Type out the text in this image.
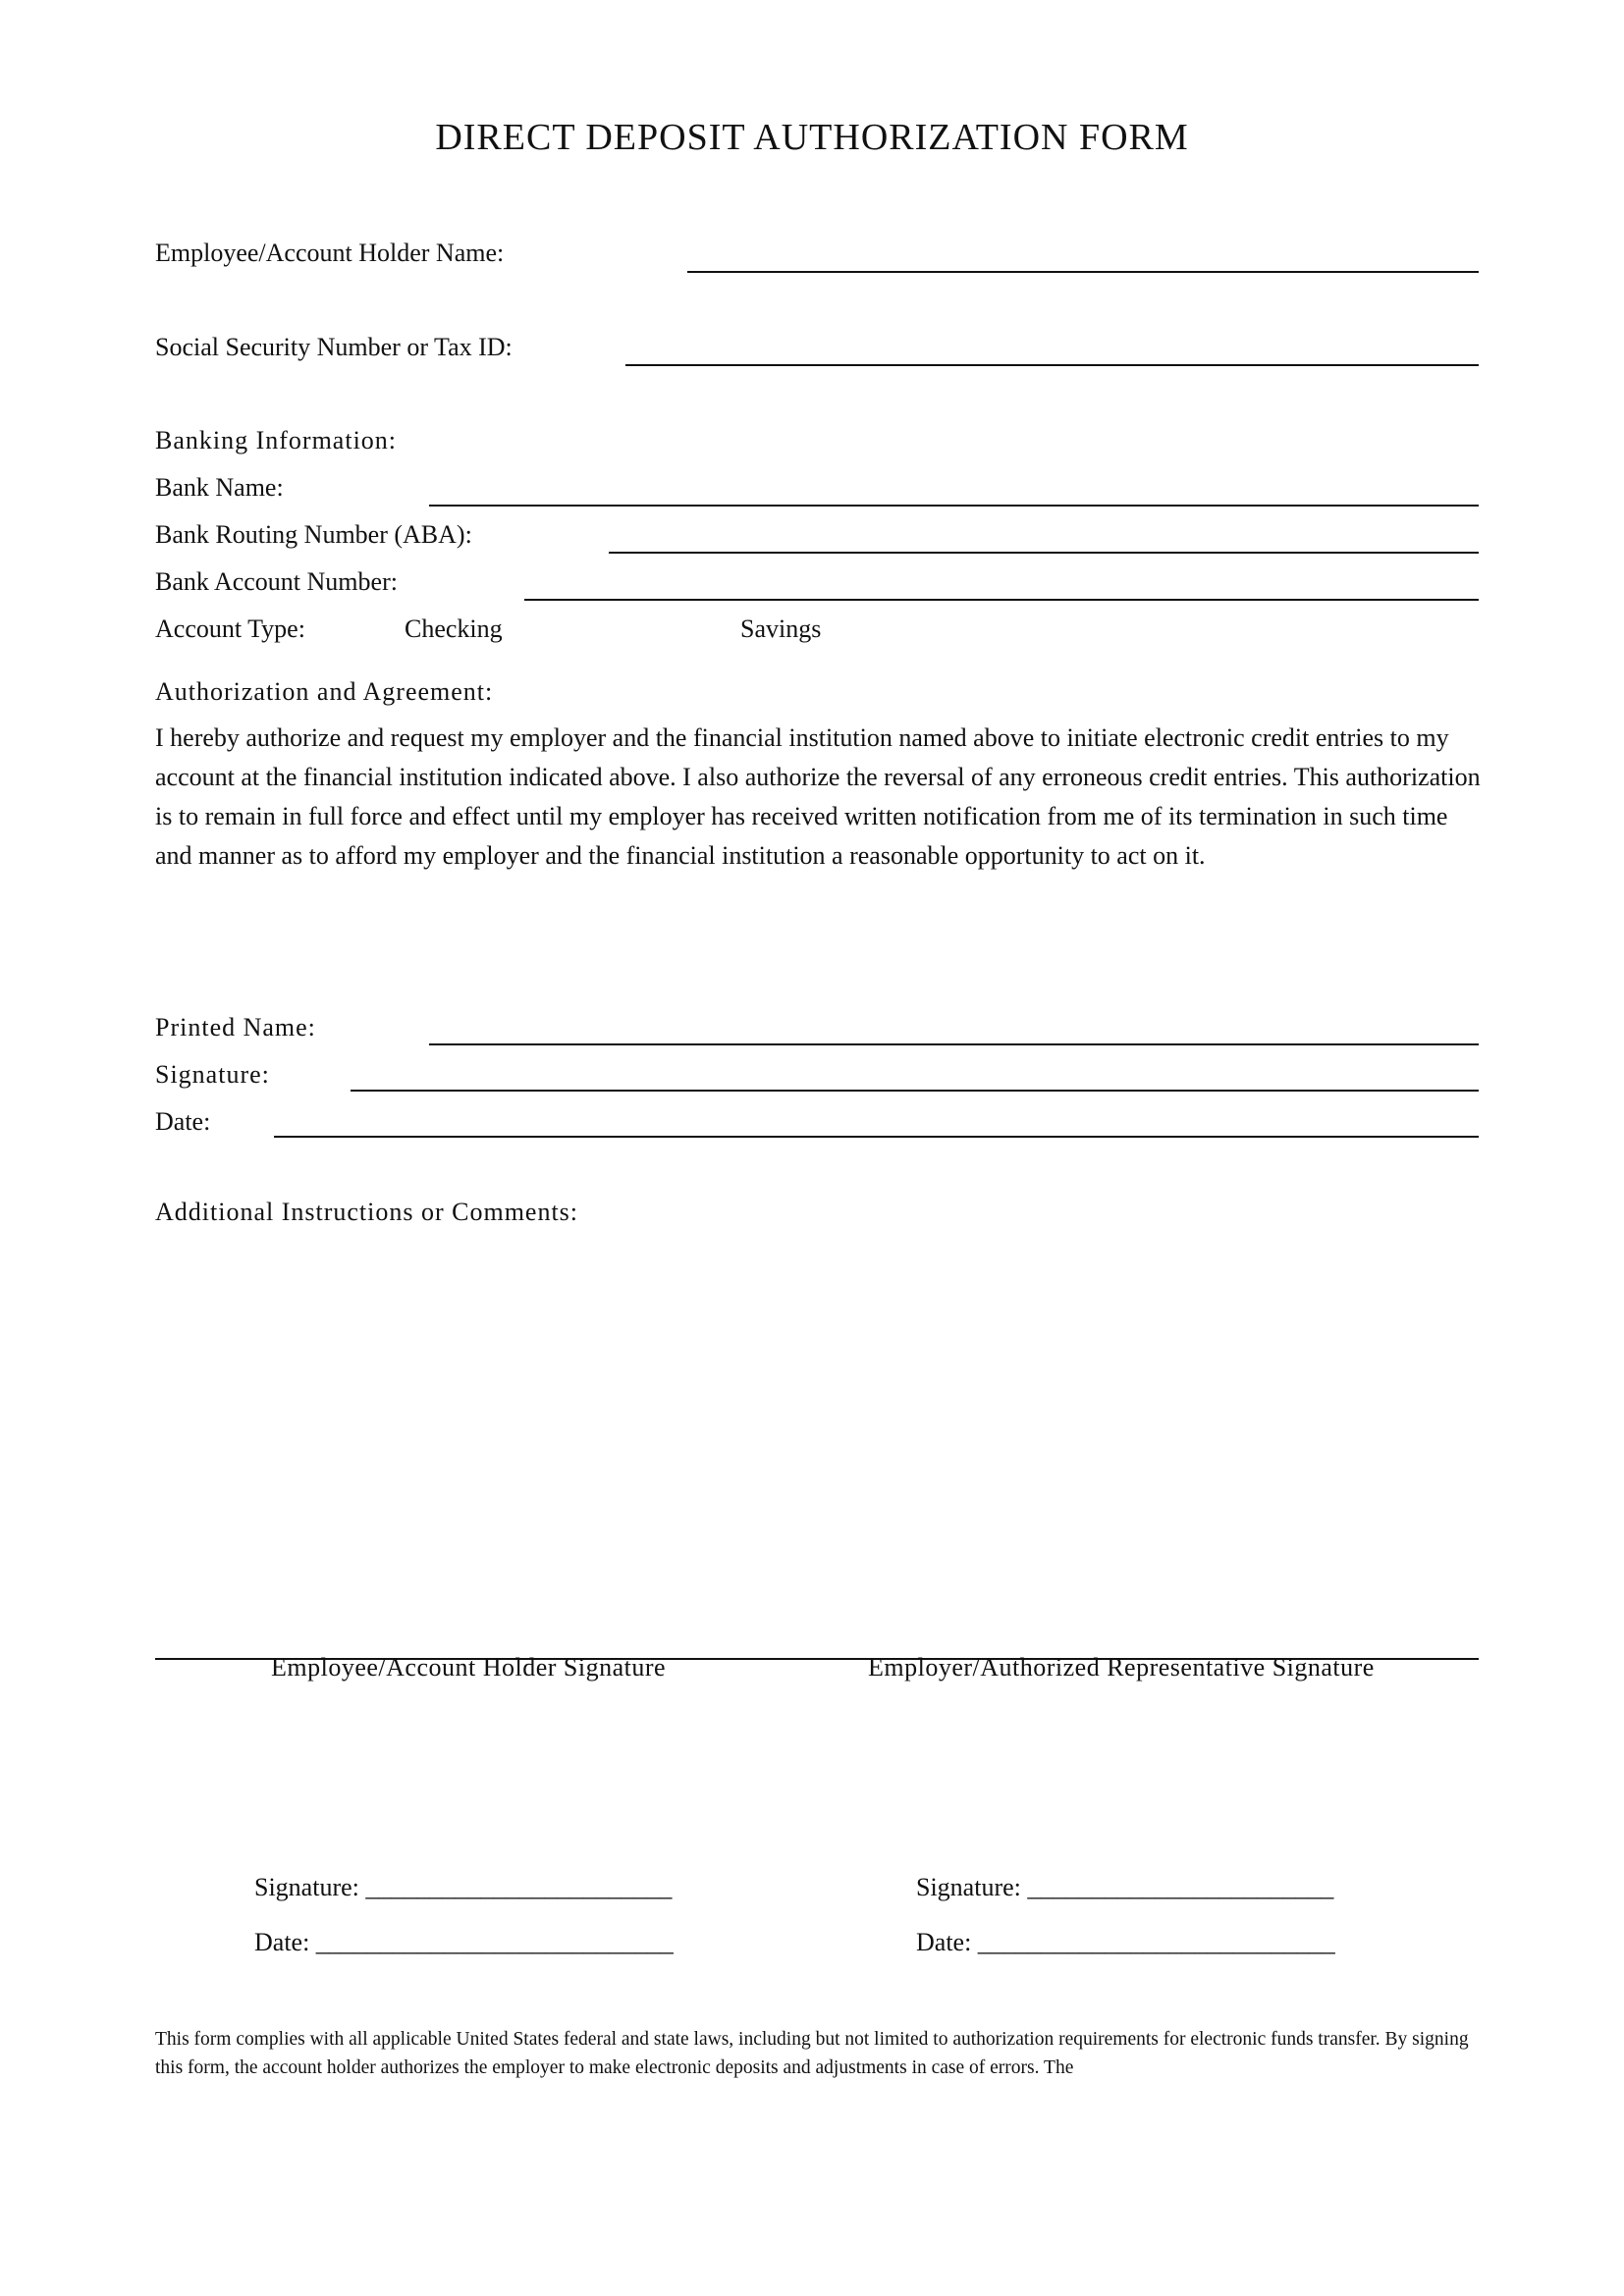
DIRECT DEPOSIT AUTHORIZATION FORM
Employee/Account Holder Name:
Social Security Number or Tax ID:
Banking Information:
Bank Name:
Bank Routing Number (ABA):
Bank Account Number:
Account Type:	Checking	Savings
Authorization and Agreement:
I hereby authorize and request my employer and the financial institution named above to initiate electronic credit entries to my account at the financial institution indicated above. I also authorize the reversal of any erroneous credit entries. This authorization is to remain in full force and effect until my employer has received written notification from me of its termination in such time and manner as to afford my employer and the financial institution a reasonable opportunity to act on it.
Printed Name:
Signature:
Date:
Additional Instructions or Comments:
Employee/Account Holder Signature	Employer/Authorized Representative Signature
Signature: ________________________
Date: ____________________________
Signature: ________________________
Date: ____________________________
This form complies with all applicable United States federal and state laws, including but not limited to authorization requirements for electronic funds transfer. By signing this form, the account holder authorizes the employer to make electronic deposits and adjustments in case of errors. The
